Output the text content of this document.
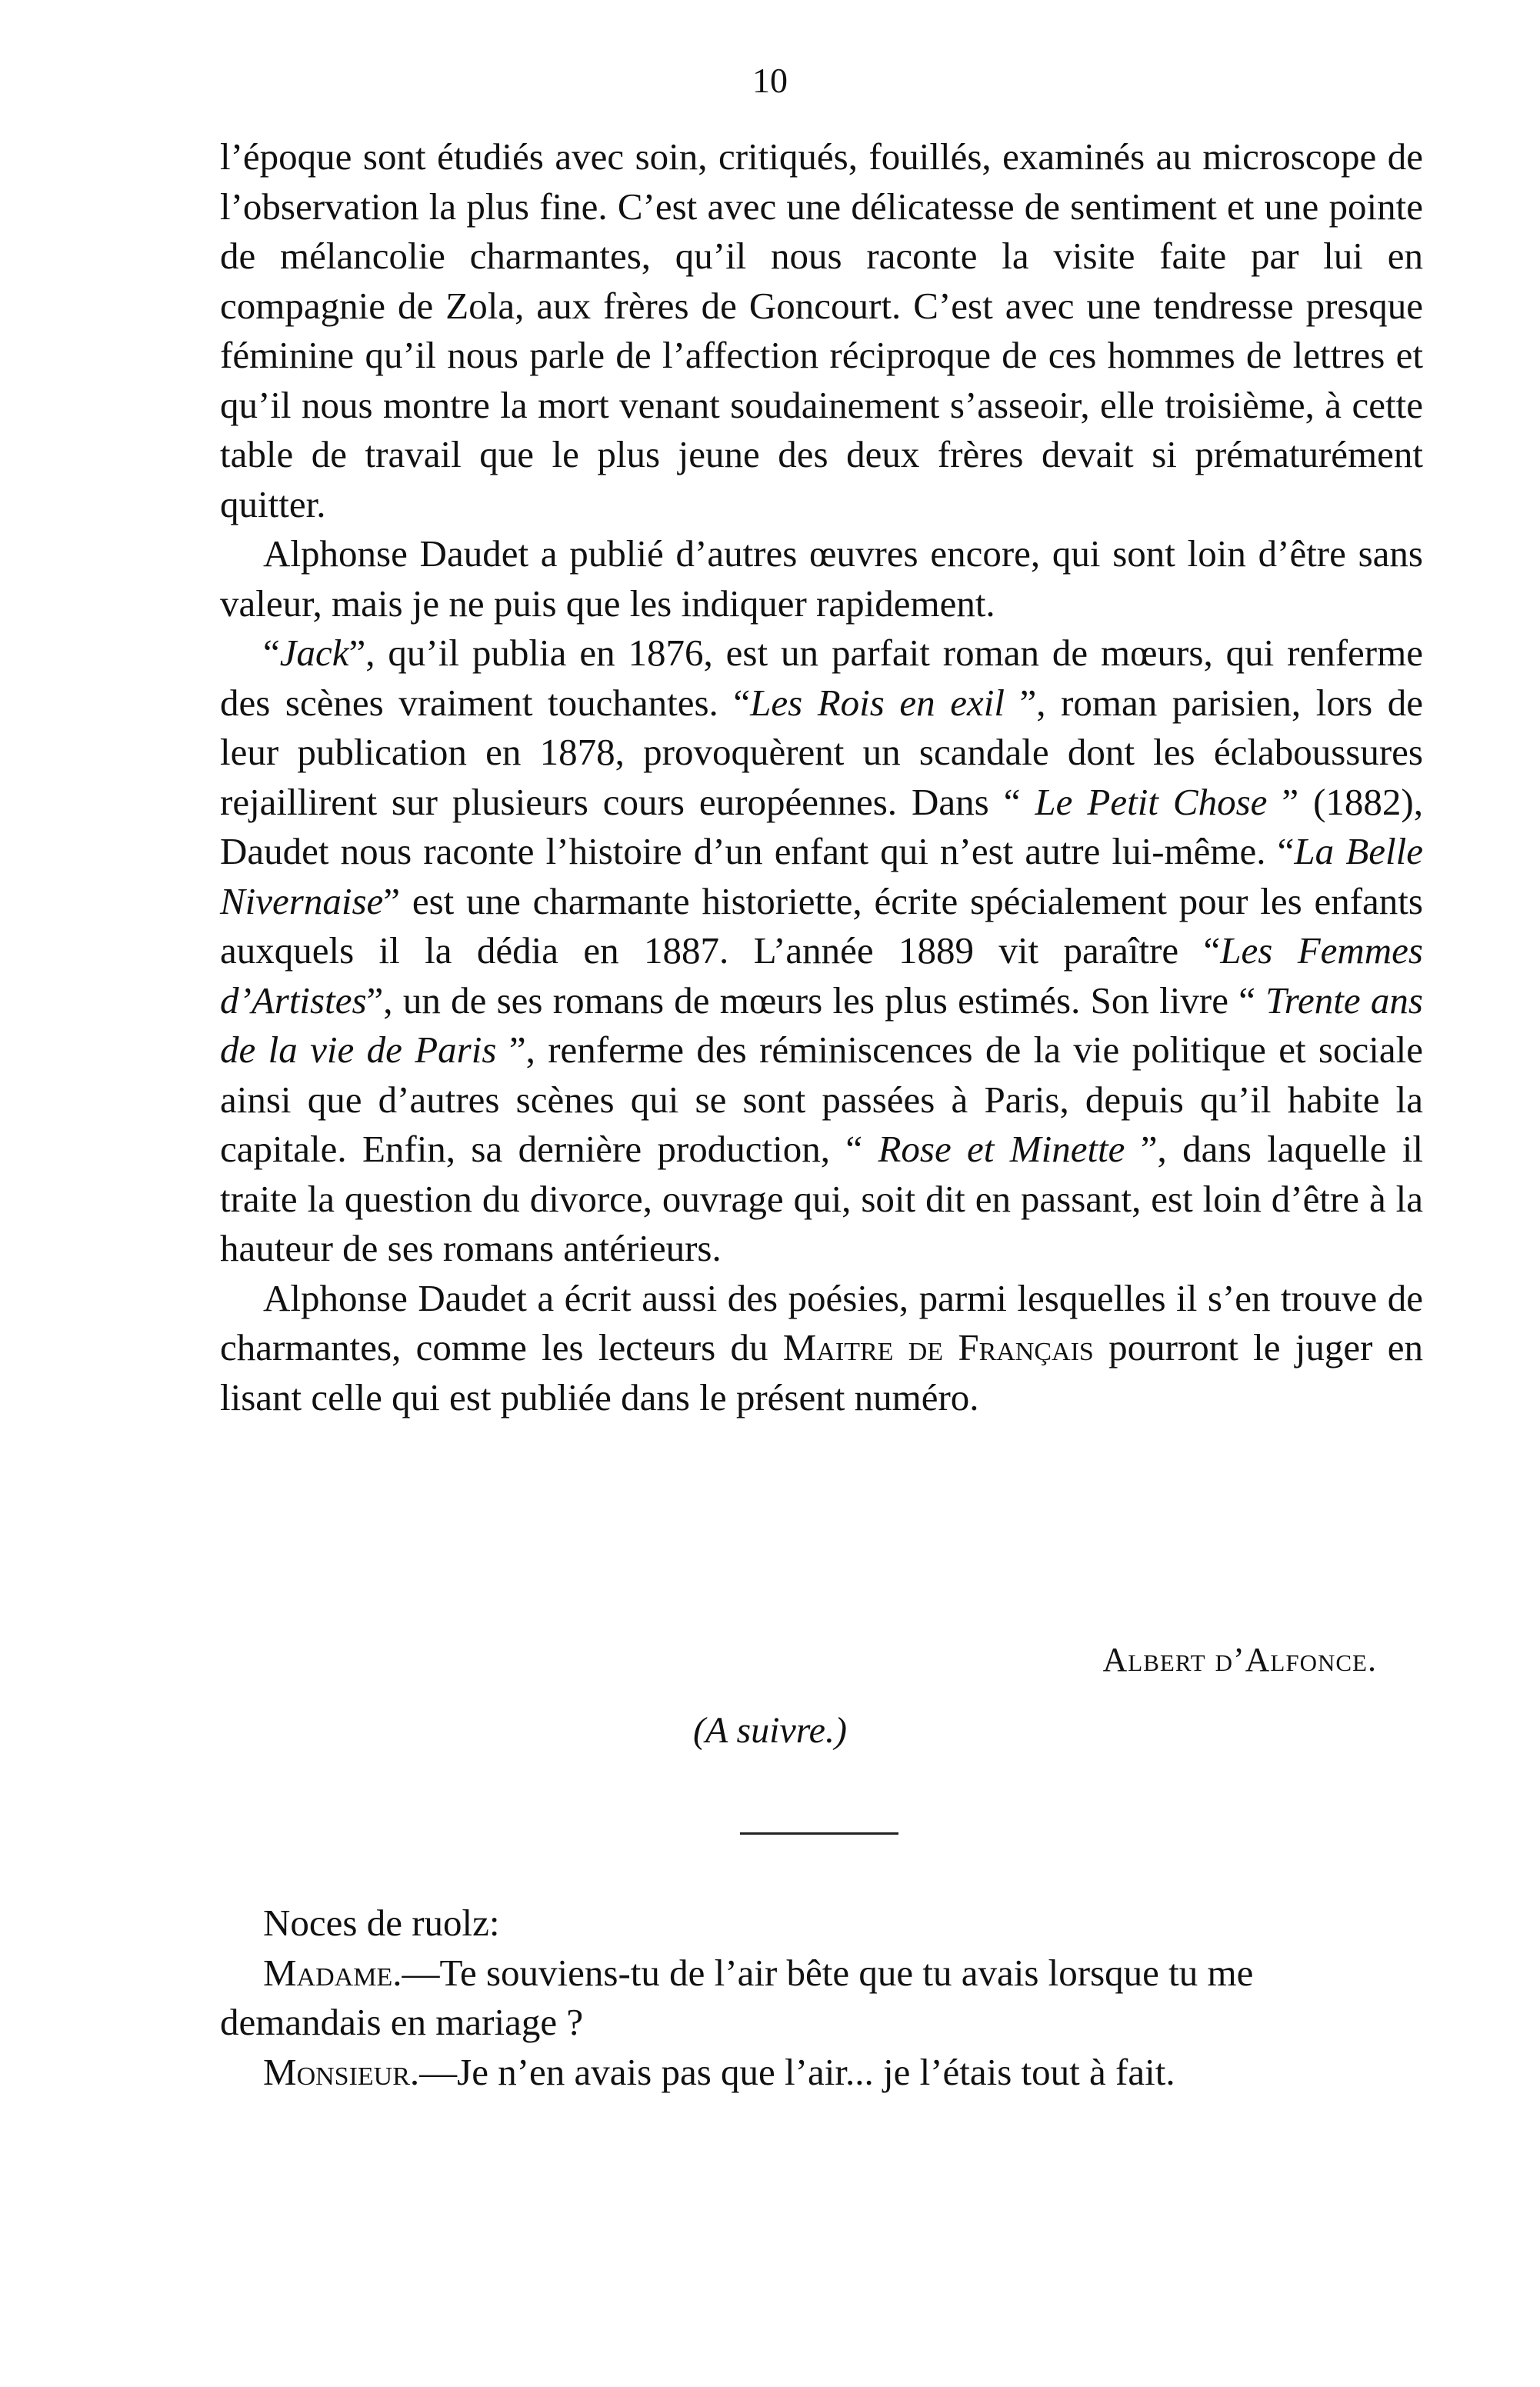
10

l’époque sont étudiés avec soin, critiqués, fouillés, examinés au microscope de l’observation la plus fine. C’est avec une délicatesse de sentiment et une pointe de mélancolie charmantes, qu’il nous raconte la visite faite par lui en compagnie de Zola, aux frères de Goncourt. C’est avec une tendresse presque féminine qu’il nous parle de l’affection réciproque de ces hommes de lettres et qu’il nous montre la mort venant soudainement s’asseoir, elle troisième, à cette table de travail que le plus jeune des deux frères devait si prématurément quitter.

Alphonse Daudet a publié d’autres œuvres encore, qui sont loin d’être sans valeur, mais je ne puis que les indiquer rapidement.

“Jack”, qu’il publia en 1876, est un parfait roman de mœurs, qui renferme des scènes vraiment touchantes. “Les Rois en exil ”, roman parisien, lors de leur publication en 1878, provoquèrent un scandale dont les éclaboussures rejaillirent sur plusieurs cours européennes. Dans “ Le Petit Chose ” (1882), Daudet nous raconte l’histoire d’un enfant qui n’est autre lui-même. “La Belle Nivernaise” est une charmante historiette, écrite spécialement pour les enfants auxquels il la dédia en 1887. L’année 1889 vit paraître “Les Femmes d’Artistes”, un de ses romans de mœurs les plus estimés. Son livre “ Trente ans de la vie de Paris ”, renferme des réminiscences de la vie politique et sociale ainsi que d’autres scènes qui se sont passées à Paris, depuis qu’il habite la capitale. Enfin, sa dernière production, “ Rose et Minette ”, dans laquelle il traite la question du divorce, ouvrage qui, soit dit en passant, est loin d’être à la hauteur de ses romans antérieurs.

Alphonse Daudet a écrit aussi des poésies, parmi lesquelles il s’en trouve de charmantes, comme les lecteurs du Maitre de Français pourront le juger en lisant celle qui est publiée dans le présent numéro.

Albert d’Alfonce.
(A suivre.)

Noces de ruolz:

Madame.—Te souviens-tu de l’air bête que tu avais lorsque tu me demandais en mariage ?

Monsieur.—Je n’en avais pas que l’air... je l’étais tout à fait.
